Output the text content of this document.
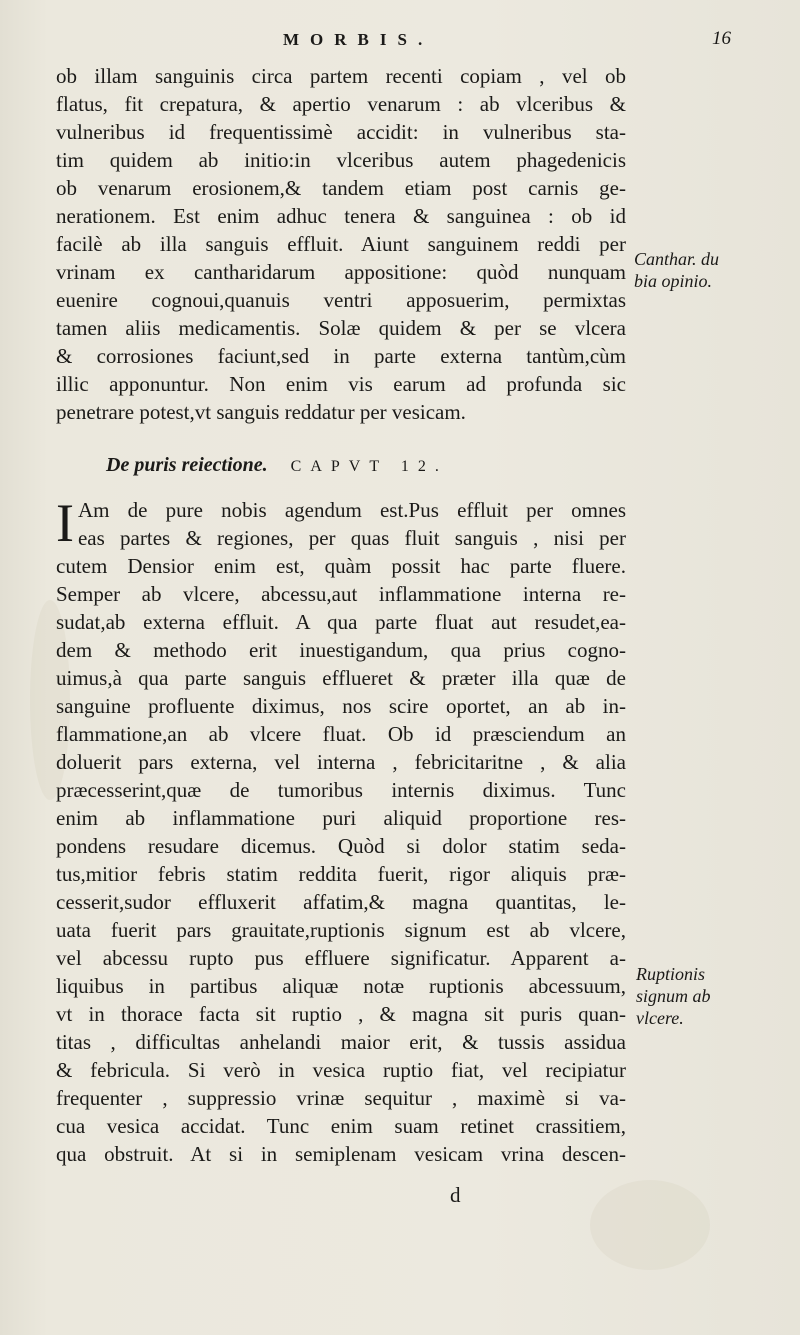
MORBIS.	16
ob illam sanguinis circa partem recenti copiam , vel ob
flatus, fit crepatura, & apertio venarum : ab vlceribus &
vulneribus id frequentissimè accidit: in vulneribus sta-
tim quidem ab initio:in vlceribus autem phagedenicis
ob venarum erosionem,& tandem etiam post carnis ge-
nerationem. Est enim adhuc tenera & sanguinea : ob id
facilè ab illa sanguis effluit. Aiunt sanguinem reddi per
vrinam ex cantharidarum appositione: quòd nunquam
euenire cognoui,quanuis ventri apposuerim, permixtas
tamen aliis medicamentis. Solæ quidem & per se vlcera
& corrosiones faciunt,sed in parte externa tantùm,cùm
illic apponuntur. Non enim vis earum ad profunda sic
penetrare potest,vt sanguis reddatur per vesicam.
De puris reiectione. CAPVT 12.
I Am de pure nobis agendum est.Pus effluit per omnes
eas partes & regiones, per quas fluit sanguis , nisi per
cutem Densior enim est, quàm possit hac parte fluere.
Semper ab vlcere, abcessu,aut inflammatione interna re-
sudat,ab externa effluit. A qua parte fluat aut resudet,ea-
dem & methodo erit inuestigandum, qua prius cogno-
uimus,à qua parte sanguis efflueret & præter illa quæ de
sanguine profluente diximus, nos scire oportet, an ab in-
flammatione,an ab vlcere fluat. Ob id præsciendum an
doluerit pars externa, vel interna , febricitaritne , & alia
præcesserint,quæ de tumoribus internis diximus. Tunc
enim ab inflammatione puri aliquid proportione res-
pondens resudare dicemus. Quòd si dolor statim seda-
tus,mitior febris statim reddita fuerit, rigor aliquis præ-
cesserit,sudor effluxerit affatim,& magna quantitas, le-
uata fuerit pars grauitate,ruptionis signum est ab vlcere,
vel abcessu rupto pus effluere significatur. Apparent a-
liquibus in partibus aliquæ notæ ruptionis abcessuum,
vt in thorace facta sit ruptio , & magna sit puris quan-
titas , difficultas anhelandi maior erit, & tussis assidua
& febricula. Si verò in vesica ruptio fiat, vel recipiatur
frequenter , suppressio vrinæ sequitur , maximè si va-
cua vesica accidat. Tunc enim suam retinet crassitiem,
qua obstruit. At si in semiplenam vesicam vrina descen-
Canthar. du
bia opinio.
Ruptionis
signum ab
vlcere.
d
